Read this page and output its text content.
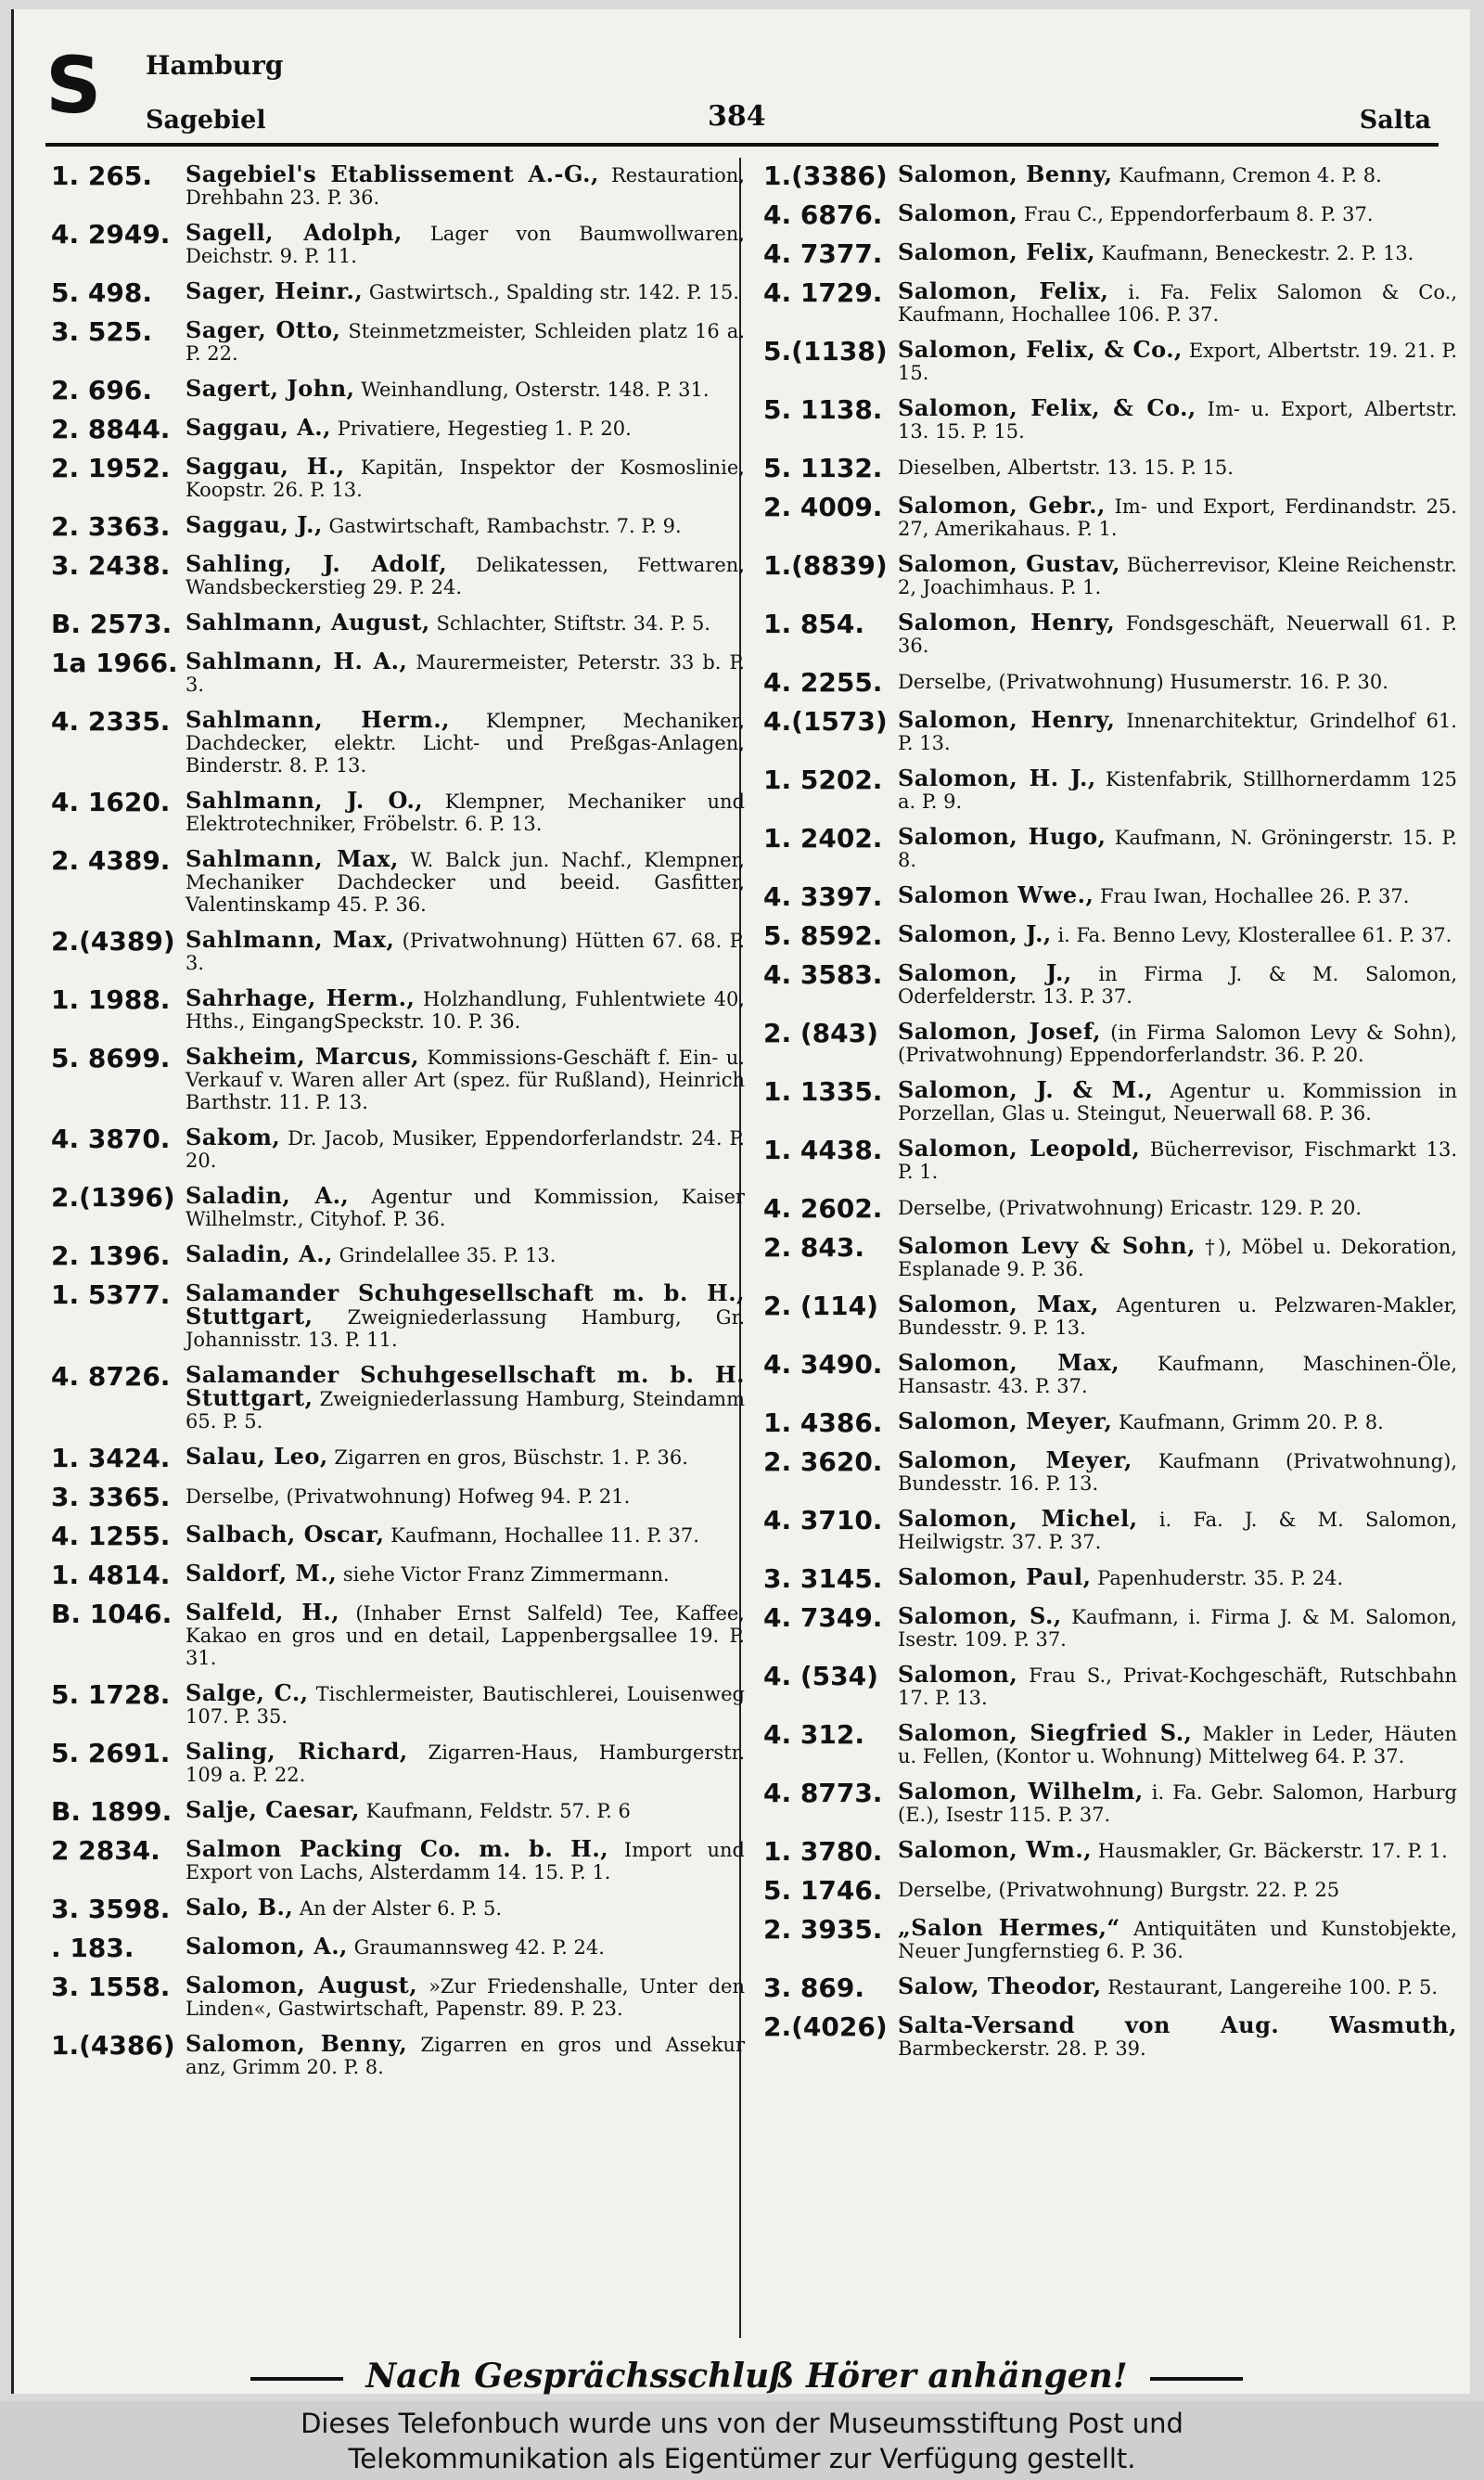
S Hamburg
Sagebiel	384	Salta
1. 265.	Sagebiel's Etablissement A.-G., Restauration, Drehbahn 23. P. 36.
4. 2949. Sagell, Adolph, Lager von Baumwollwaren, Deichstr. 9. P. 11.
5. 498.	Sager, Heinr., Gastwirtsch., Spalding str. 142. P. 15.
3. 525.	Sager, Otto, Steinmetzmeister, Schleiden platz 16 a. P. 22.
2. 696.	Sagert, John, Weinhandlung, Osterstr. 148. P. 31.
2. 8844. Saggau, A., Privatiere, Hegestieg 1. P. 20.
2. 1952. Saggau, H., Kapitän, Inspektor der Kosmoslinie, Koopstr. 26. P. 13.
2. 3363. Saggau, J., Gastwirtschaft, Rambachstr. 7. P. 9.
3. 2438. Sahling, J. Adolf, Delikatessen, Fettwaren, Wandsbeckerstieg 29. P. 24.
B. 2573. Sahlmann, August, Schlachter, Stiftstr. 34. P. 5.
1a 1966. Sahlmann, H. A., Maurermeister, Peterstr. 33 b. P. 3.
4. 2335. Sahlmann, Herm., Klempner, Mechaniker, Dachdecker, elektr. Licht- und Preßgas-Anlagen, Binderstr. 8. P. 13.
4. 1620. Sahlmann, J. O., Klempner, Mechaniker und Elektrotechniker, Fröbelstr. 6. P. 13.
2. 4389. Sahlmann, Max, W. Balck jun. Nachf., Klempner, Mechaniker Dachdecker und beeid. Gasfitter, Valentinskamp 45. P. 36.
2.(4389) Sahlmann, Max, (Privatwohnung) Hütten 67. 68. P. 3.
1. 1988. Sahrhage, Herm., Holzhandlung, Fuhlentwiete 40, Hths., EingangSpeckstr. 10. P. 36.
5. 8699. Sakheim, Marcus, Kommissions-Geschäft f. Ein- u. Verkauf v. Waren aller Art (spez. für Rußland), Heinrich Barthstr. 11. P. 13.
4. 3870. Sakom, Dr. Jacob, Musiker, Eppendorferlandstr. 24. P. 20.
2.(1396) Saladin, A., Agentur und Kommission, Kaiser Wilhelmstr., Cityhof. P. 36.
2. 1396. Saladin, A., Grindelallee 35. P. 13.
1. 5377. Salamander Schuhgesellschaft m. b. H., Stuttgart, Zweigniederlassung Hamburg, Gr. Johannisstr. 13. P. 11.
4. 8726. Salamander Schuhgesellschaft m. b. H. Stuttgart, Zweigniederlassung Hamburg, Steindamm 65. P. 5.
1. 3424. Salau, Leo, Zigarren en gros, Büschstr. 1. P. 36.
3. 3365. Derselbe, (Privatwohnung) Hofweg 94. P. 21.
4. 1255. Salbach, Oscar, Kaufmann, Hochallee 11. P. 37.
1. 4814. Saldorf, M., siehe Victor Franz Zimmermann.
B. 1046. Salfeld, H., (Inhaber Ernst Salfeld) Tee, Kaffee, Kakao en gros und en detail, Lappenbergsallee 19. P. 31.
5. 1728. Salge, C., Tischlermeister, Bautischlerei, Louisenweg 107. P. 35.
5. 2691. Saling, Richard, Zigarren-Haus, Hamburgerstr. 109 a. P. 22.
B. 1899. Salje, Caesar, Kaufmann, Feldstr. 57. P. 6
2 2834.	Salmon Packing Co. m. b. H., Import und Export von Lachs, Alsterdamm 14. 15. P. 1.
3. 3598. Salo, B., An der Alster 6. P. 5.
. 183.	Salomon, A., Graumannsweg 42. P. 24.
3. 1558. Salomon, August, »Zur Friedenshalle, Unter den Linden«, Gastwirtschaft, Papenstr. 89. P. 23.
1.(4386) Salomon, Benny, Zigarren en gros und Assekur anz, Grimm 20. P. 8.
1.(3386) Salomon, Benny, Kaufmann, Cremon 4. P. 8.
4. 6876. Salomon, Frau C., Eppendorferbaum 8. P. 37.
4. 7377. Salomon, Felix, Kaufmann, Beneckestr. 2. P. 13.
4. 1729. Salomon, Felix, i. Fa. Felix Salomon & Co., Kaufmann, Hochallee 106. P. 37.
5.(1138) Salomon, Felix, & Co., Export, Albertstr. 19. 21. P. 15.
5. 1138. Salomon, Felix, & Co., Im- u. Export, Albertstr. 13. 15. P. 15.
5. 1132. Dieselben, Albertstr. 13. 15. P. 15.
2. 4009. Salomon, Gebr., Im- und Export, Ferdinandstr. 25. 27, Amerikahaus. P. 1.
1.(8839) Salomon, Gustav, Bücherrevisor, Kleine Reichenstr. 2, Joachimhaus. P. 1.
1. 854.	Salomon, Henry, Fondsgeschäft, Neuerwall 61. P. 36.
4. 2255. Derselbe, (Privatwohnung) Husumerstr. 16. P. 30.
4.(1573) Salomon, Henry, Innenarchitektur, Grindelhof 61. P. 13.
1. 5202. Salomon, H. J., Kistenfabrik, Stillhornerdamm 125 a. P. 9.
1. 2402. Salomon, Hugo, Kaufmann, N. Gröningerstr. 15. P. 8.
4. 3397. Salomon Wwe., Frau Iwan, Hochallee 26. P. 37.
5. 8592. Salomon, J., i. Fa. Benno Levy, Klosterallee 61. P. 37.
4. 3583. Salomon, J., in Firma J. & M. Salomon, Oderfelderstr. 13. P. 37.
2. (843) Salomon, Josef, (in Firma Salomon Levy & Sohn), (Privatwohnung) Eppendorferlandstr. 36. P. 20.
1. 1335. Salomon, J. & M., Agentur u. Kommission in Porzellan, Glas u. Steingut, Neuerwall 68. P. 36.
1. 4438. Salomon, Leopold, Bücherrevisor, Fischmarkt 13. P. 1.
4. 2602. Derselbe, (Privatwohnung) Ericastr. 129. P. 20.
2. 843.	Salomon Levy & Sohn, †), Möbel u. Dekoration, Esplanade 9. P. 36.
2. (114) Salomon, Max, Agenturen u. Pelzwaren-Makler, Bundesstr. 9. P. 13.
4. 3490. Salomon, Max, Kaufmann, Maschinen-Öle, Hansastr. 43. P. 37.
1. 4386. Salomon, Meyer, Kaufmann, Grimm 20. P. 8.
2. 3620. Salomon, Meyer, Kaufmann (Privatwohnung), Bundesstr. 16. P. 13.
4. 3710. Salomon, Michel, i. Fa. J. & M. Salomon, Heilwigstr. 37. P. 37.
3. 3145. Salomon, Paul, Papenhuderstr. 35. P. 24.
4. 7349. Salomon, S., Kaufmann, i. Firma J. & M. Salomon, Isestr. 109. P. 37.
4. (534) Salomon, Frau S., Privat-Kochgeschäft, Rutschbahn 17. P. 13.
4. 312.	Salomon, Siegfried S., Makler in Leder, Häuten u. Fellen, (Kontor u. Wohnung) Mittelweg 64. P. 37.
4. 8773. Salomon, Wilhelm, i. Fa. Gebr. Salomon, Harburg (E.), Isestr 115. P. 37.
1. 3780. Salomon, Wm., Hausmakler, Gr. Bäckerstr. 17. P. 1.
5. 1746. Derselbe, (Privatwohnung) Burgstr. 22. P. 25
2. 3935. „Salon Hermes,“ Antiquitäten und Kunstobjekte, Neuer Jungfernstieg 6. P. 36.
3. 869.	Salow, Theodor, Restaurant, Langereihe 100. P. 5.
2.(4026) Salta-Versand von Aug. Wasmuth, Barmbeckerstr. 28. P. 39.
Nach Gesprächsschluß Hörer anhängen!
Dieses Telefonbuch wurde uns von der Museumsstiftung Post und
Telekommunikation als Eigentümer zur Verfügung gestellt.
